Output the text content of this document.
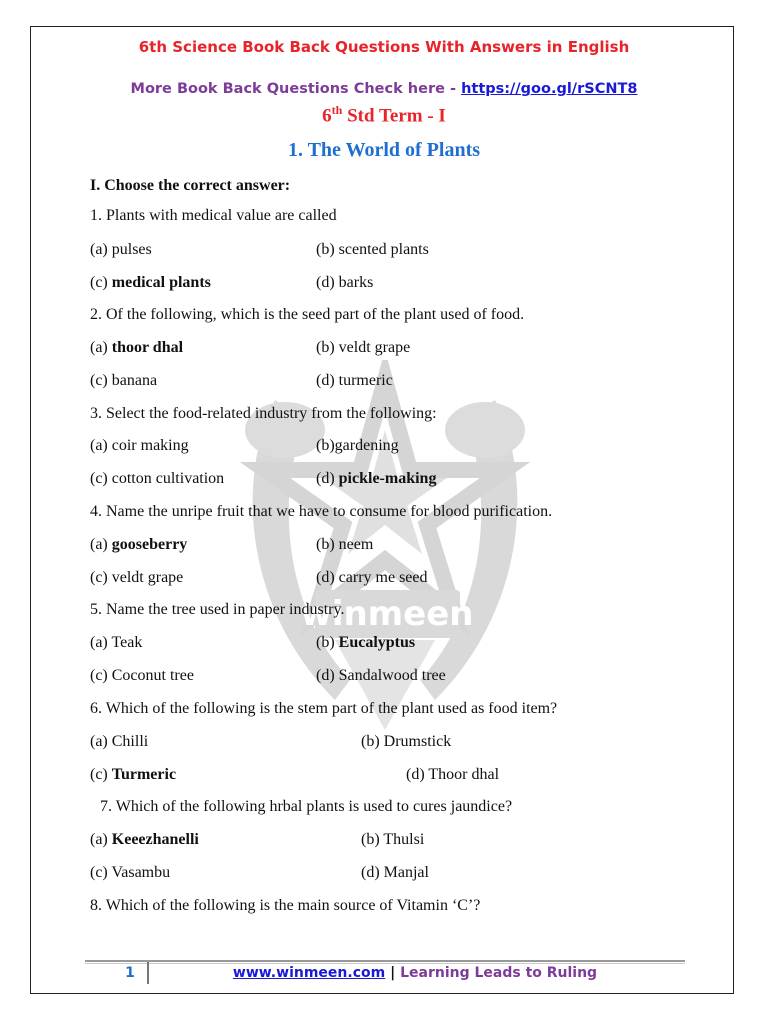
winmeen
6th Science Book Back Questions With Answers in English
More Book Back Questions Check here - https://goo.gl/rSCNT8
6th Std Term - I
1. The World of Plants
I. Choose the correct answer:
1. Plants with medical value are called
(a) pulses	(b) scented plants
(c) medical plants	(d) barks
2. Of the following, which is the seed part of the plant used of food.
(a) thoor dhal	(b) veldt grape
(c) banana	(d) turmeric
3. Select the food-related industry from the following:
(a) coir making	(b)gardening
(c) cotton cultivation	(d) pickle-making
4. Name the unripe fruit that we have to consume for blood purification.
(a) gooseberry	(b) neem
(c) veldt grape	(d) carry me seed
5. Name the tree used in paper industry.
(a) Teak	(b) Eucalyptus
(c) Coconut tree	(d) Sandalwood tree
6. Which of the following is the stem part of the plant used as food item?
(a) Chilli	(b) Drumstick
(c) Turmeric	(d) Thoor dhal
7. Which of the following hrbal plants is used to cures jaundice?
(a) Keeezhanelli	(b) Thulsi
(c) Vasambu	(d) Manjal
8. Which of the following is the main source of Vitamin ‘C’?
1	www.winmeen.com | Learning Leads to Ruling
